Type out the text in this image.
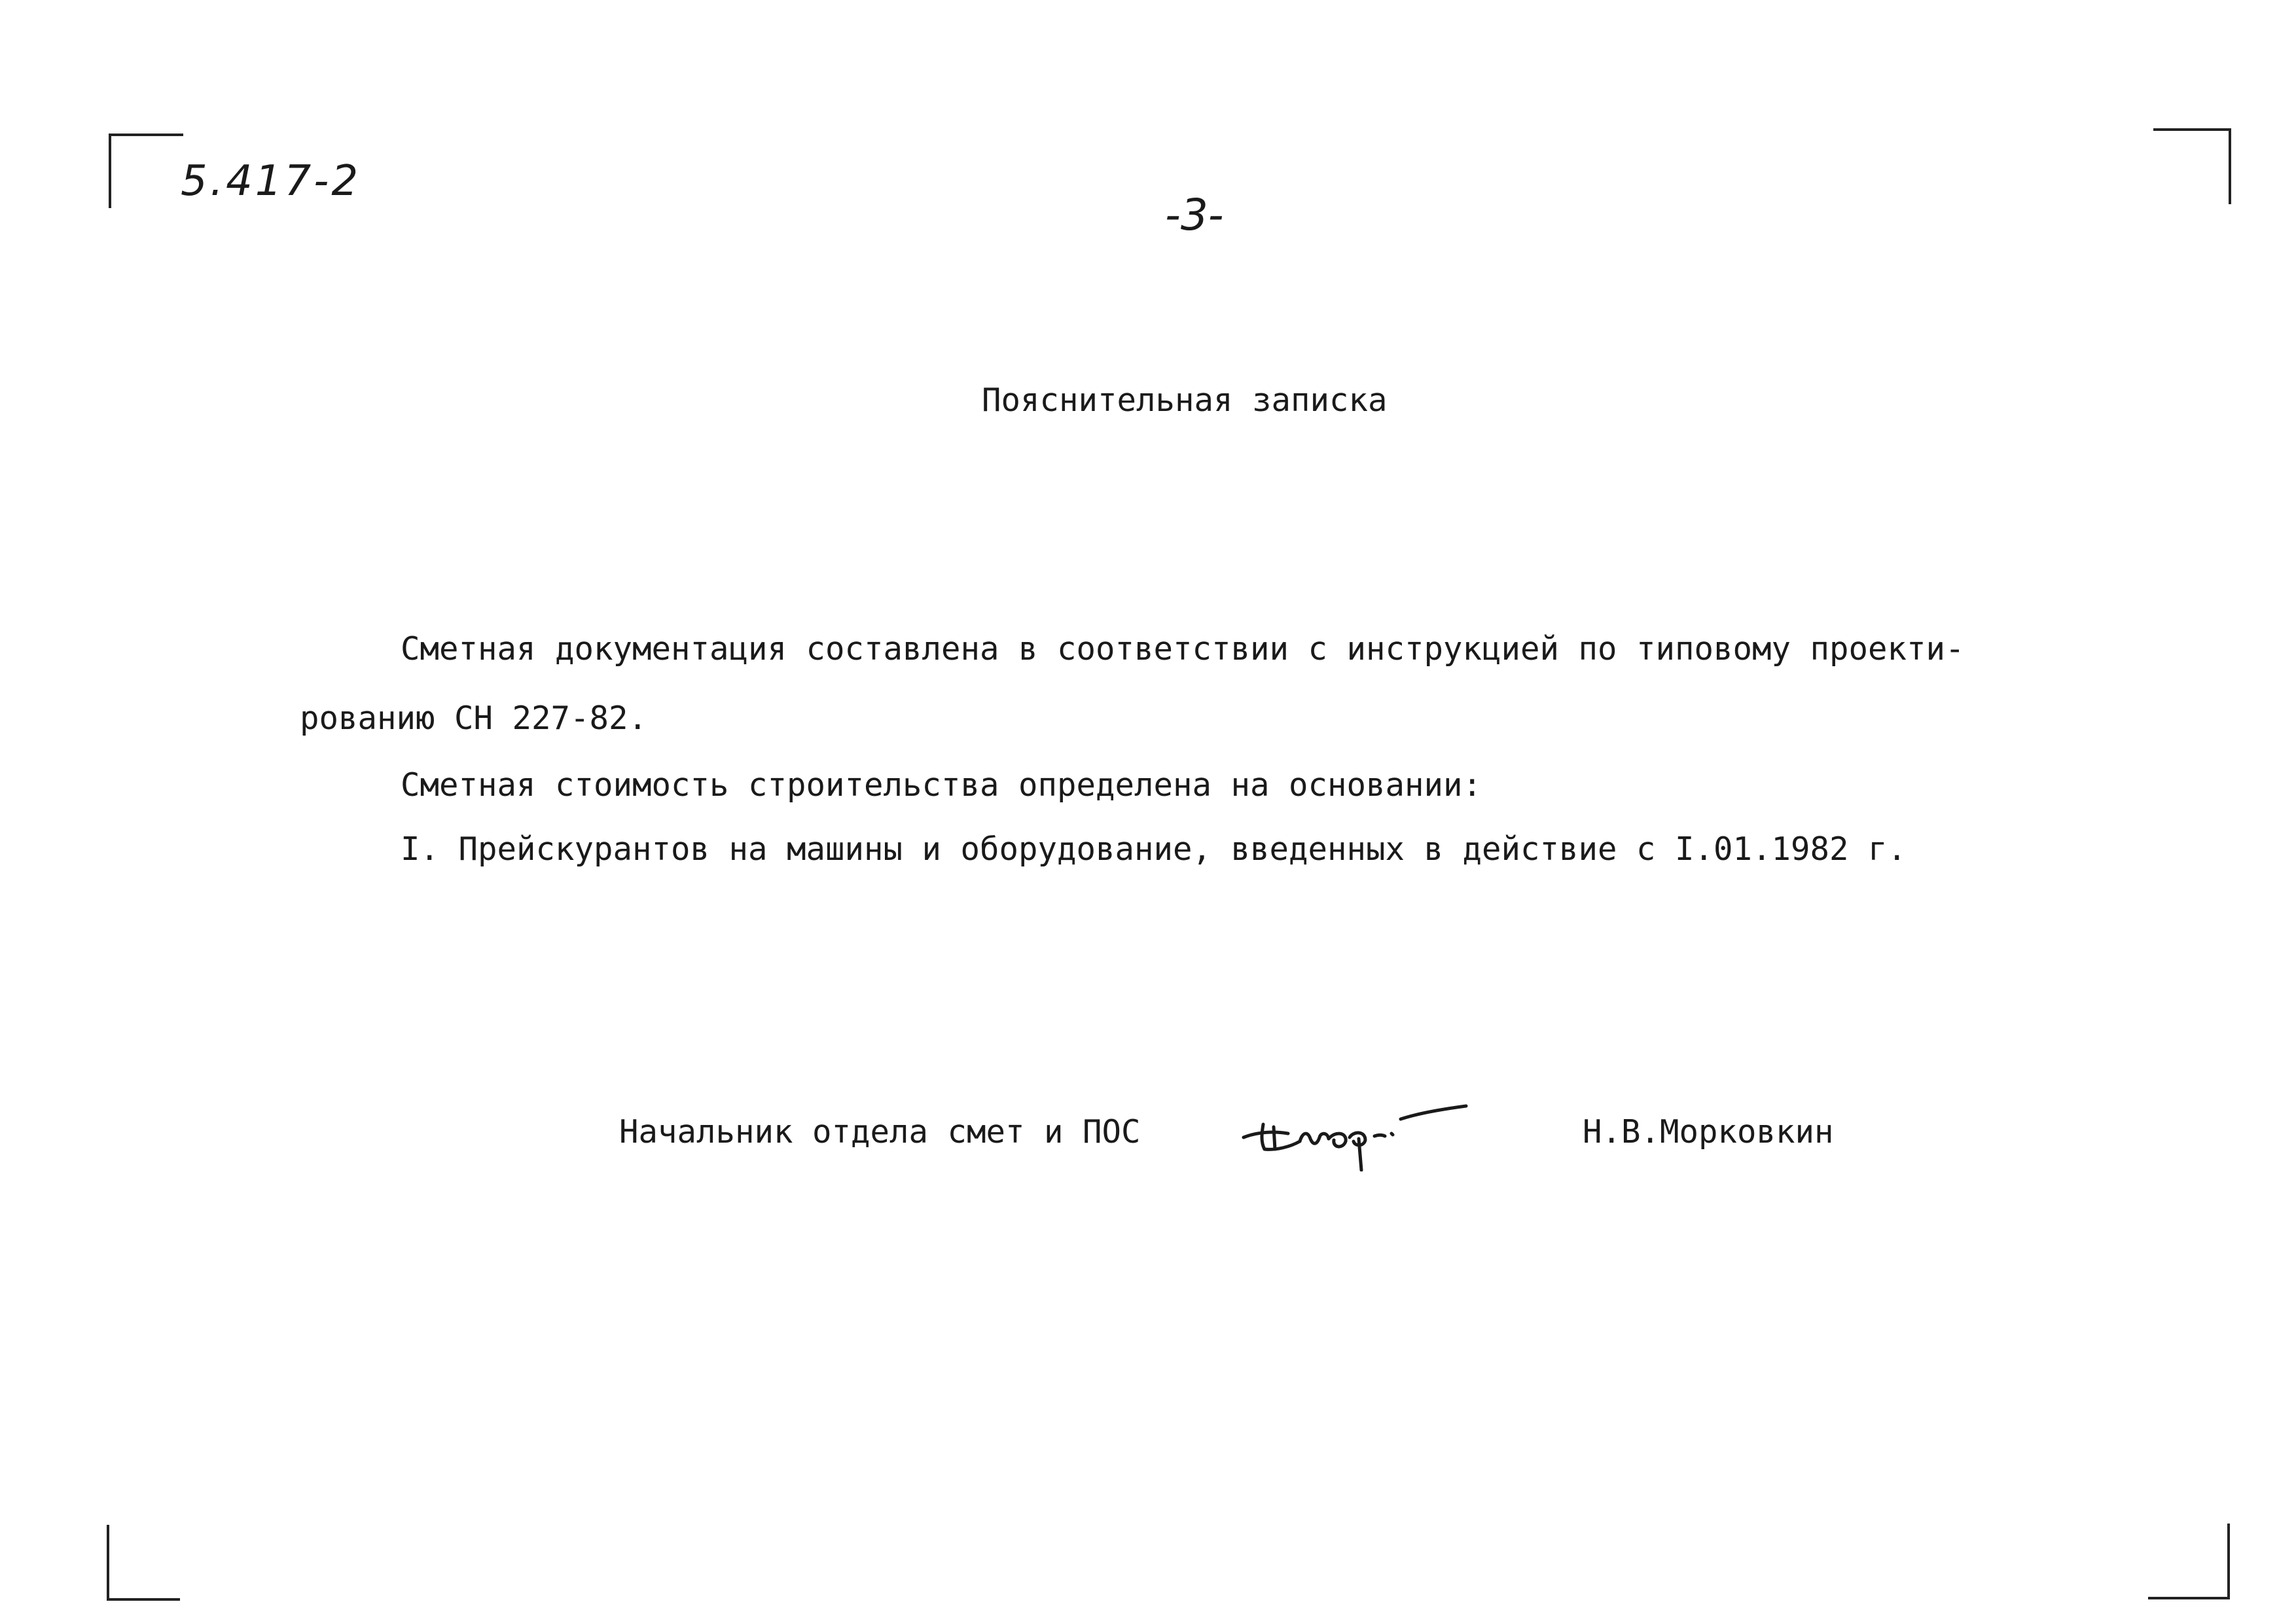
5.417-2
-3-
Пояснительная записка
Сметная документация составлена в соответствии с инструкцией по типовому проекти-
рованию СН 227-82.
Сметная стоимость строительства определена на основании:
I. Прейскурантов на машины и оборудование, введенных в действие с I.01.1982 г.
Начальник отдела смет и ПОС	Н.В.Морковкин
